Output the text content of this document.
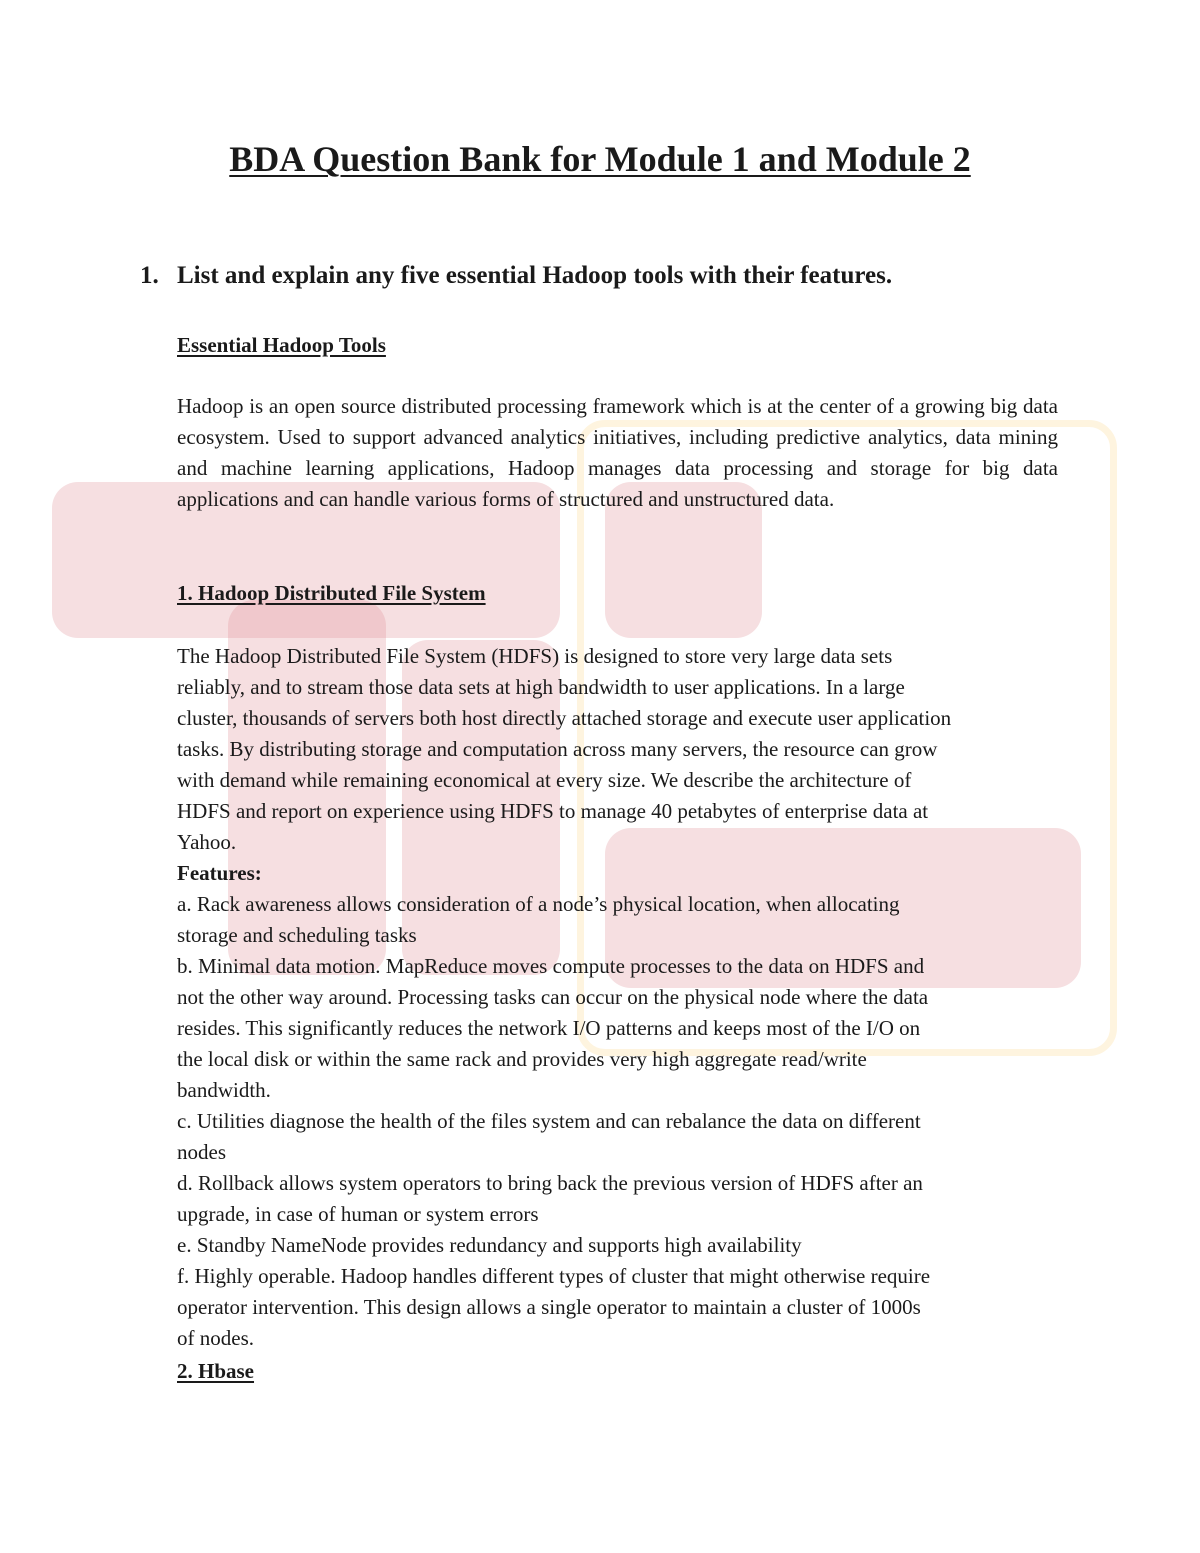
BDA Question Bank for Module 1 and Module 2
1. List and explain any five essential Hadoop tools with their features.
Essential Hadoop Tools

Hadoop is an open source distributed processing framework which is at the center of a growing big data ecosystem. Used to support advanced analytics initiatives, including predictive analytics, data mining and machine learning applications, Hadoop manages data processing and storage for big data applications and can handle various forms of structured and unstructured data.

1. Hadoop Distributed File System
The Hadoop Distributed File System (HDFS) is designed to store very large data sets
reliably, and to stream those data sets at high bandwidth to user applications. In a large
cluster, thousands of servers both host directly attached storage and execute user application
tasks. By distributing storage and computation across many servers, the resource can grow
with demand while remaining economical at every size. We describe the architecture of
HDFS and report on experience using HDFS to manage 40 petabytes of enterprise data at
Yahoo.
Features:
a. Rack awareness allows consideration of a node’s physical location, when allocating
storage and scheduling tasks
b. Minimal data motion. MapReduce moves compute processes to the data on HDFS and
not the other way around. Processing tasks can occur on the physical node where the data
resides. This significantly reduces the network I/O patterns and keeps most of the I/O on
the local disk or within the same rack and provides very high aggregate read/write
bandwidth.
c. Utilities diagnose the health of the files system and can rebalance the data on different
nodes
d. Rollback allows system operators to bring back the previous version of HDFS after an
upgrade, in case of human or system errors
e. Standby NameNode provides redundancy and supports high availability
f. Highly operable. Hadoop handles different types of cluster that might otherwise require
operator intervention. This design allows a single operator to maintain a cluster of 1000s
of nodes.
2. Hbase
